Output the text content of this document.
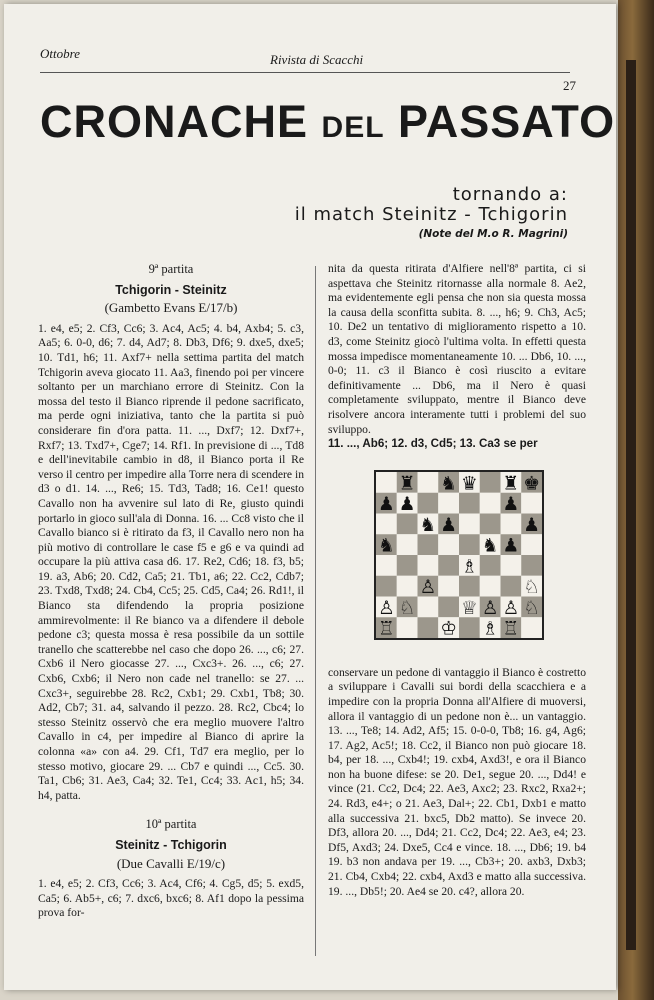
Ottobre	Rivista di Scacchi
27
CRONACHE DEL PASSATO
tornando a:
il match Steinitz - Tchigorin
(Note del M.o R. Magrini)

9ª partita

Tchigorin - Steinitz

(Gambetto Evans E/17/b)

1. e4, e5; 2. Cf3, Cc6; 3. Ac4, Ac5; 4. b4, Axb4; 5. c3, Aa5; 6. 0-0, d6; 7. d4, Ad7; 8. Db3, Df6; 9. dxe5, dxe5; 10. Td1, h6; 11. Axf7+ nella settima partita del match Tchigorin aveva giocato 11. Aa3, finendo poi per vincere soltanto per un marchiano errore di Steinitz. Con la mossa del testo il Bianco riprende il pedone sacrificato, ma perde ogni iniziativa, tanto che la partita si può considerare fin d'ora patta. 11. ..., Dxf7; 12. Dxf7+, Rxf7; 13. Txd7+, Cge7; 14. Rf1. In previsione di ..., Td8 e dell'inevitabile cambio in d8, il Bianco porta il Re verso il centro per impedire alla Torre nera di scendere in d3 o d1. 14. ..., Re6; 15. Td3, Tad8; 16. Ce1! questo Cavallo non ha avvenire sul lato di Re, giusto quindi portarlo in gioco sull'ala di Donna. 16. ... Cc8 visto che il Cavallo bianco si è ritirato da f3, il Cavallo nero non ha più motivo di controllare le case f5 e g6 e va quindi ad occupare la più attiva casa d6. 17. Re2, Cd6; 18. f3, b5; 19. a3, Ab6; 20. Cd2, Ca5; 21. Tb1, a6; 22. Cc2, Cdb7; 23. Txd8, Txd8; 24. Cb4, Cc5; 25. Cd5, Ca4; 26. Rd1!, il Bianco sta difendendo la propria posizione ammirevolmente: il Re bianco va a difendere il debole pedone c3; questa mossa è resa possibile da un sottile tranello che scatterebbe nel caso che dopo 26. ..., c6; 27. Cxb6 il Nero giocasse 27. ..., Cxc3+. 26. ..., c6; 27. Cxb6, Cxb6; il Nero non cade nel tranello: se 27. ... Cxc3+, seguirebbe 28. Rc2, Cxb1; 29. Cxb1, Tb8; 30. Ad2, Cb7; 31. a4, salvando il pezzo. 28. Rc2, Cbc4; lo stesso Steinitz osservò che era meglio muovere l'altro Cavallo in c4, per impedire al Bianco di aprire la colonna «a» con a4. 29. Cf1, Td7 era meglio, per lo stesso motivo, giocare 29. ... Cb7 e quindi ..., Cc5. 30. Ta1, Cb6; 31. Ae3, Ca4; 32. Te1, Cc4; 33. Ac1, h5; 34. h4, patta.

10ª partita

Steinitz - Tchigorin

(Due Cavalli E/19/c)

1. e4, e5; 2. Cf3, Cc6; 3. Ac4, Cf6; 4. Cg5, d5; 5. exd5, Ca5; 6. Ab5+, c6; 7. dxc6, bxc6; 8. Af1 dopo la pessima prova for-

nita da questa ritirata d'Alfiere nell'8ª partita, ci si aspettava che Steinitz ritornasse alla normale 8. Ae2, ma evidentemente egli pensa che non sia questa mossa la causa della sconfitta subita. 8. ..., h6; 9. Ch3, Ac5; 10. De2 un tentativo di miglioramento rispetto a 10. d3, come Steinitz giocò l'ultima volta. In effetti questa mossa impedisce momentaneamente 10. ... Db6, 10. ..., 0-0; 11. c3 il Bianco è così riuscito a evitare definitivamente ... Db6, ma il Nero è quasi completamente sviluppato, mentre il Bianco deve risolvere ancora interamente tutti i problemi del suo sviluppo.

11. ..., Ab6; 12. d3, Cd5; 13. Ca3 se per

conservare un pedone di vantaggio il Bianco è costretto a sviluppare i Cavalli sui bordi della scacchiera e a impedire con la propria Donna all'Alfiere di muoversi, allora il vantaggio di un pedone non è... un vantaggio. 13. ..., Te8; 14. Ad2, Af5; 15. 0-0-0, Tb8; 16. g4, Ag6; 17. Ag2, Ac5!; 18. Cc2, il Bianco non può giocare 18. b4, per 18. ..., Cxb4!; 19. cxb4, Axd3!, e ora il Bianco non ha buone difese: se 20. De1, segue 20. ..., Dd4! e vince (21. Cc2, Dc4; 22. Ae3, Axc2; 23. Rxc2, Rxa2+; 24. Rd3, e4+; o 21. Ae3, Dal+; 22. Cb1, Dxb1 e matto alla successiva 21. bxc5, Db2 matto). Se invece 20. Df3, allora 20. ..., Dd4; 21. Cc2, Dc4; 22. Ae3, e4; 23. Df5, Axd3; 24. Dxe5, Cc4 e vince. 18. ..., Db6; 19. b4 19. b3 non andava per 19. ..., Cb3+; 20. axb3, Dxb3; 21. Cb4, Cxb4; 22. cxb4, Axd3 e matto alla successiva. 19. ..., Db5!; 20. Ae4 se 20. c4?, allora 20.
